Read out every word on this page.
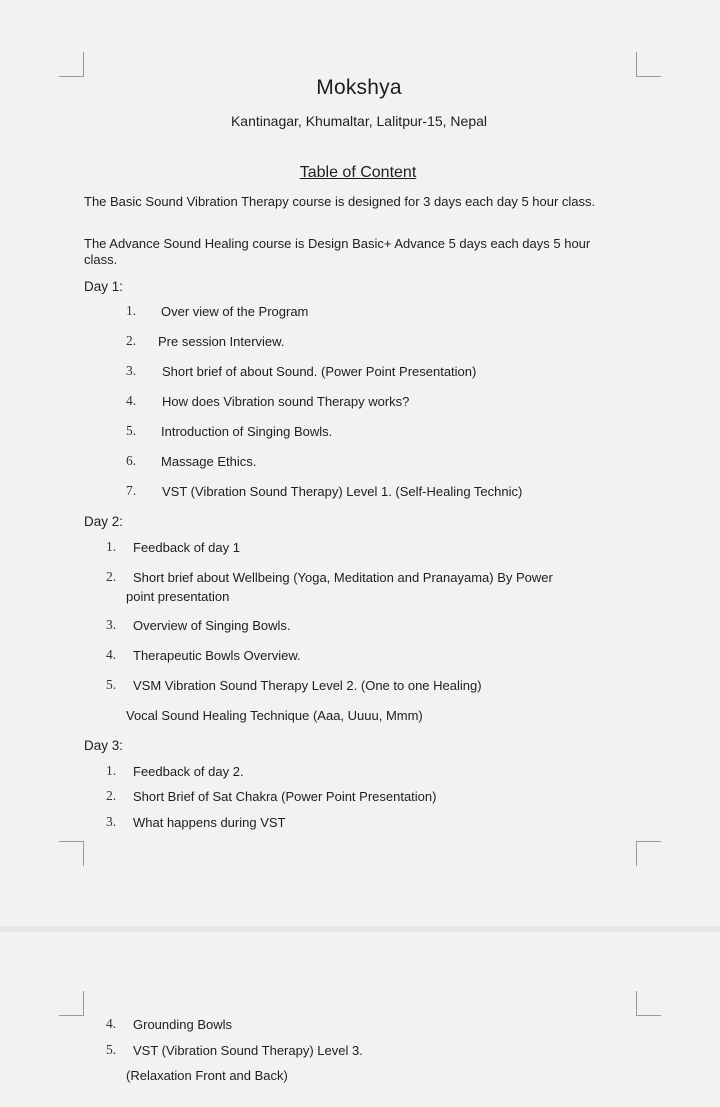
Mokshya
Kantinagar, Khumaltar, Lalitpur-15, Nepal
Table of Content
The Basic Sound Vibration Therapy course is designed for 3 days each day 5 hour class.
The Advance Sound Healing course is Design Basic+ Advance 5 days each days 5 hour class.
Day 1:
1. Over view of the Program
2. Pre session Interview.
3. Short brief of about Sound. (Power Point Presentation)
4. How does Vibration sound Therapy works?
5. Introduction of Singing Bowls.
6. Massage Ethics.
7. VST (Vibration Sound Therapy) Level 1. (Self-Healing Technic)
Day 2:
1. Feedback of day 1
2. Short brief about Wellbeing (Yoga, Meditation and Pranayama) By Power
point presentation
3. Overview of Singing Bowls.
4. Therapeutic Bowls Overview.
5. VSM Vibration Sound Therapy Level 2. (One to one Healing)
Vocal Sound Healing Technique (Aaa, Uuuu, Mmm)
Day 3:
1. Feedback of day 2.
2. Short Brief of Sat Chakra (Power Point Presentation)
3. What happens during VST
4. Grounding Bowls
5. VST (Vibration Sound Therapy) Level 3.
(Relaxation Front and Back)
